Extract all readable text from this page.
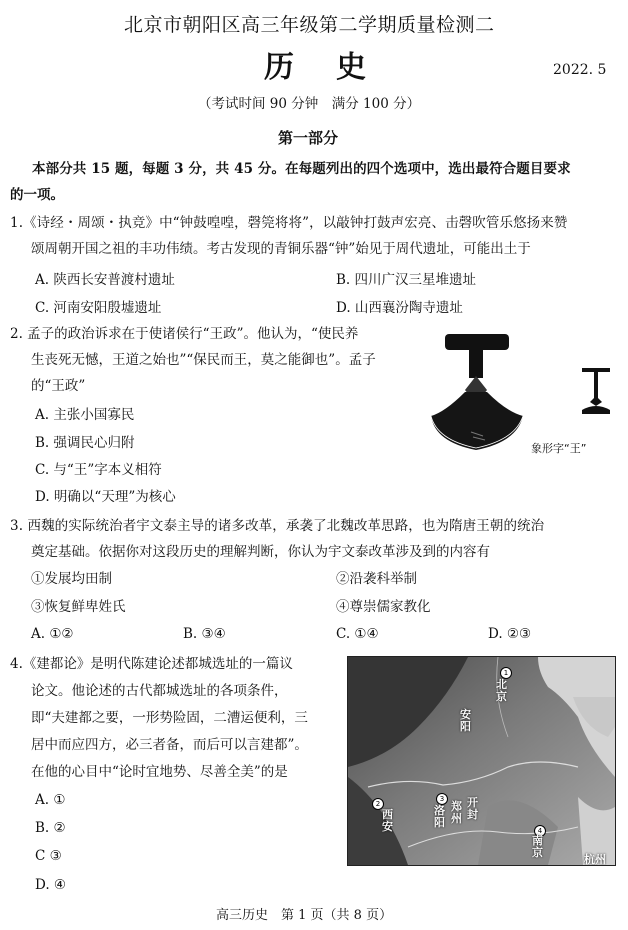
北京市朝阳区高三年级第二学期质量检测二
历　史	2022. 5
（考试时间 90 分钟　满分 100 分）
第一部分
本部分共 15 题，每题 3 分，共 45 分。在每题列出的四个选项中，选出最符合题目要求
的一项。
1.《诗经・周颂・执竞》中“钟鼓喤喤，磬筦将将”，以敲钟打鼓声宏亮、击磬吹管乐悠扬来赞
颂周朝开国之祖的丰功伟绩。考古发现的青铜乐器“钟”始见于周代遗址，可能出土于
A. 陕西长安普渡村遗址	B. 四川广汉三星堆遗址
C. 河南安阳殷墟遗址	D. 山西襄汾陶寺遗址
2. 孟子的政治诉求在于使诸侯行“王政”。他认为，“使民养
生丧死无憾，王道之始也”“保民而王，莫之能御也”。孟子
的“王政”
A. 主张小国寡民
B. 强调民心归附
C. 与“王”字本义相符
D. 明确以“天理”为核心
象形字“王”
3. 西魏的实际统治者宇文泰主导的诸多改革，承袭了北魏改革思路，也为隋唐王朝的统治
奠定基础。依据你对这段历史的理解判断，你认为宇文泰改革涉及到的内容有
①发展均田制	②沿袭科举制
③恢复鲜卑姓氏	④尊崇儒家教化
A. ①②	B. ③④	C. ①④	D. ②③
4.《建都论》是明代陈建论述都城选址的一篇议
论文。他论述的古代都城选址的各项条件，
即“夫建都之要，一形势险固，二漕运便利，三
居中而应四方，必三者备，而后可以言建都”。
在他的心目中“论时宜地势、尽善全美”的是
A. ①
B. ②
C ③
D. ④
1
北京
安阳
2
西安
3
洛阳
郑州
开封
4
南京
杭州
高三历史　第 1 页（共 8 页）
